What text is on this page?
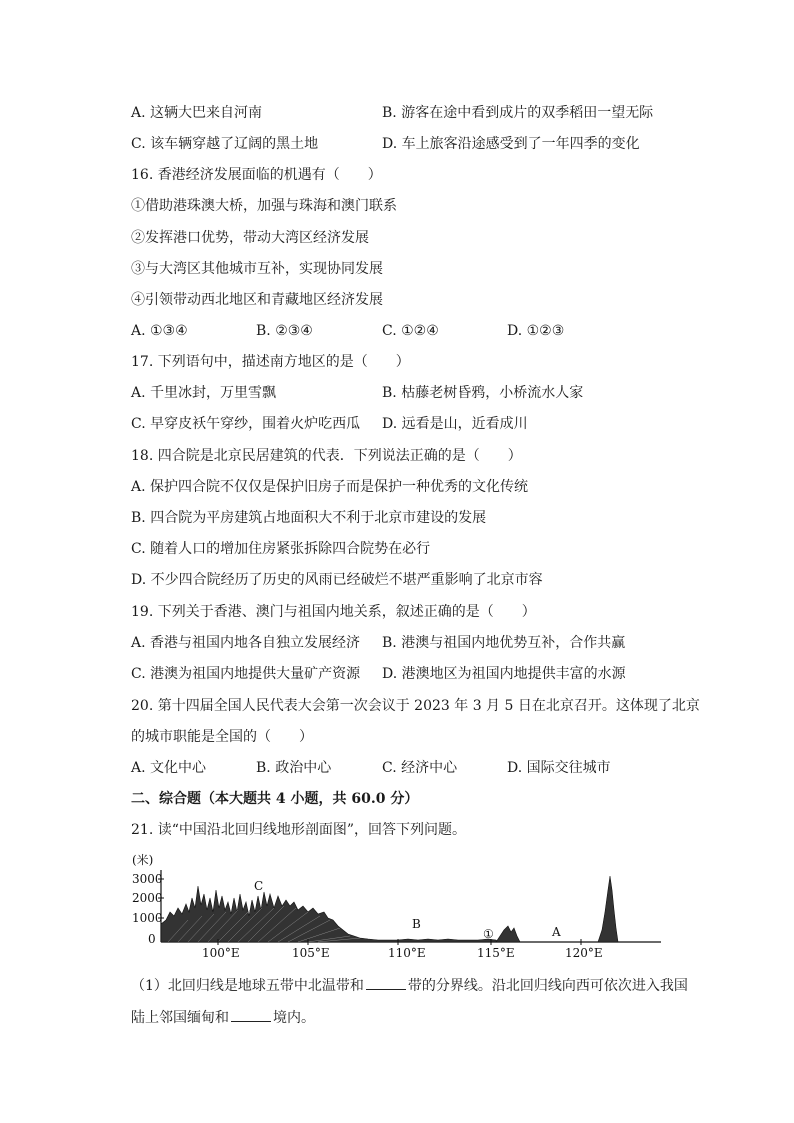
A. 这辆大巴来自河南	B. 游客在途中看到成片的双季稻田一望无际
C. 该车辆穿越了辽阔的黑土地	D. 车上旅客沿途感受到了一年四季的变化
16. 香港经济发展面临的机遇有（　　）
①借助港珠澳大桥，加强与珠海和澳门联系
②发挥港口优势，带动大湾区经济发展
③与大湾区其他城市互补，实现协同发展
④引领带动西北地区和青藏地区经济发展
A. ①③④	B. ②③④	C. ①②④	D. ①②③
17. 下列语句中，描述南方地区的是（　　）
A. 千里冰封，万里雪飘	B. 枯藤老树昏鸦，小桥流水人家
C. 早穿皮袄午穿纱，围着火炉吃西瓜 D. 远看是山，近看成川
18. 四合院是北京民居建筑的代表．下列说法正确的是（　　）
A. 保护四合院不仅仅是保护旧房子而是保护一种优秀的文化传统
B. 四合院为平房建筑占地面积大不利于北京市建设的发展
C. 随着人口的增加住房紧张拆除四合院势在必行
D. 不少四合院经历了历史的风雨已经破烂不堪严重影响了北京市容
19. 下列关于香港、澳门与祖国内地关系，叙述正确的是（　　）
A. 香港与祖国内地各自独立发展经济 B. 港澳与祖国内地优势互补，合作共赢
C. 港澳为祖国内地提供大量矿产资源 D. 港澳地区为祖国内地提供丰富的水源
20. 第十四届全国人民代表大会第一次会议于 2023 年 3 月 5 日在北京召开。这体现了北京
的城市职能是全国的（　　）
A. 文化中心	B. 政治中心	C. 经济中心	D. 国际交往城市
二、综合题（本大题共 4 小题，共 60.0 分）
21. 读“中国沿北回归线地形剖面图”，回答下列问题。
(米)
3000
2000
1000
0
100°E	105°E	110°E	115°E	120°E
C
B
①	A
（1）北回归线是地球五带中北温带和	带的分界线。沿北回归线向西可依次进入我国
陆上邻国缅甸和	境内。
